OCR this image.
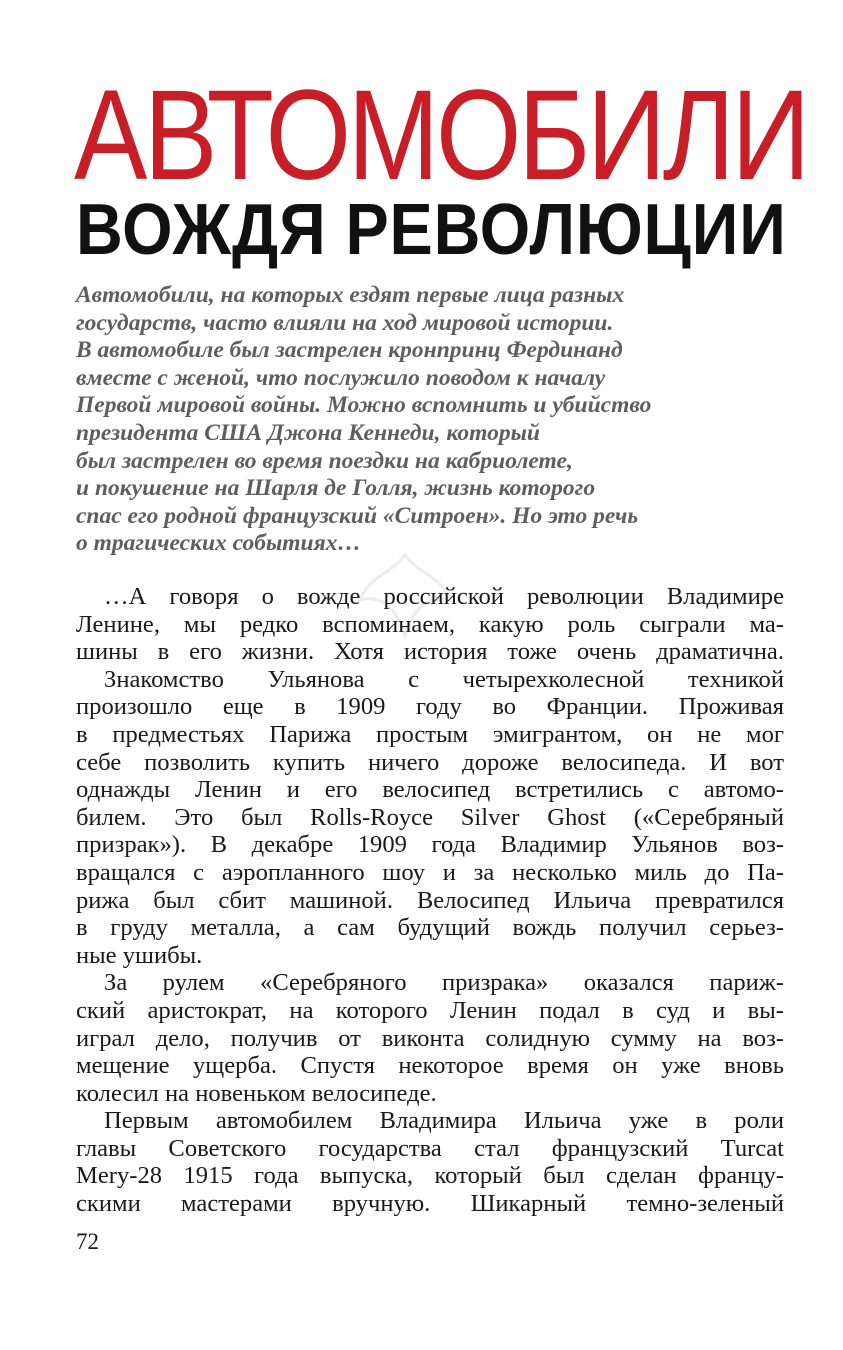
АВТОМОБИЛИ
ВОЖДЯ РЕВОЛЮЦИИ
Автомобили, на которых ездят первые лица разных
государств, часто влияли на ход мировой истории.
В автомобиле был застрелен кронпринц Фердинанд
вместе с женой, что послужило поводом к началу
Первой мировой войны. Можно вспомнить и убийство
президента США Джона Кеннеди, который
был застрелен во время поездки на кабриолете,
и покушение на Шарля де Голля, жизнь которого
спас его родной французский «Ситроен». Но это речь
о трагических событиях…
…А говоря о вожде российской революции Владимире
Ленине, мы редко вспоминаем, какую роль сыграли ма-
шины в его жизни. Хотя история тоже очень драматична.
Знакомство Ульянова с четырехколесной техникой
произошло еще в 1909 году во Франции. Проживая
в предместьях Парижа простым эмигрантом, он не мог
себе позволить купить ничего дороже велосипеда. И вот
однажды Ленин и его велосипед встретились с автомо-
билем. Это был Rolls-Royce Silver Ghost («Серебряный
призрак»). В декабре 1909 года Владимир Ульянов воз-
вращался с аэропланного шоу и за несколько миль до Па-
рижа был сбит машиной. Велосипед Ильича превратился
в груду металла, а сам будущий вождь получил серьез-
ные ушибы.
За рулем «Серебряного призрака» оказался париж-
ский аристократ, на которого Ленин подал в суд и вы-
играл дело, получив от виконта солидную сумму на воз-
мещение ущерба. Спустя некоторое время он уже вновь
колесил на новеньком велосипеде.
Первым автомобилем Владимира Ильича уже в роли
главы Советского государства стал французский Turcat
Mery-28 1915 года выпуска, который был сделан францу-
скими мастерами вручную. Шикарный темно-зеленый
72
